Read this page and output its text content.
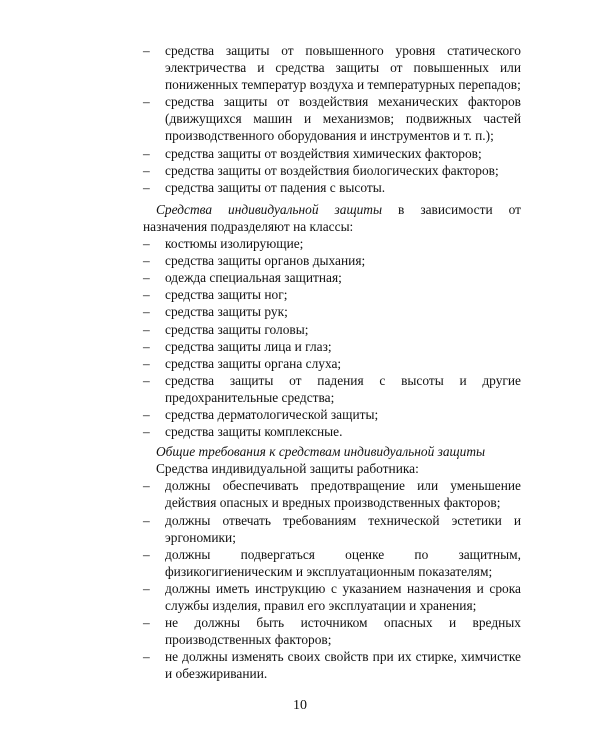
– средства защиты от повышенного уровня статического электричества и средства защиты от повышенных или пониженных температур воздуха и температурных перепадов;
– средства защиты от воздействия механических факторов (движущихся машин и механизмов; подвижных частей производственного оборудования и инструментов и т. п.);
– средства защиты от воздействия химических факторов;
– средства защиты от воздействия биологических факторов;
– средства защиты от падения с высоты.

Средства индивидуальной защиты в зависимости от назначения подразделяют на классы:

– костюмы изолирующие;
– средства защиты органов дыхания;
– одежда специальная защитная;
– средства защиты ног;
– средства защиты рук;
– средства защиты головы;
– средства защиты лица и глаз;
– средства защиты органа слуха;
– средства защиты от падения с высоты и другие предохранительные средства;
– средства дерматологической защиты;
– средства защиты комплексные.

Общие требования к средствам индивидуальной защиты

Средства индивидуальной защиты работника:

– должны обеспечивать предотвращение или уменьшение действия опасных и вредных производственных факторов;
– должны отвечать требованиям технической эстетики и эргономики;
– должны подвергаться оценке по защитным, физикогигиеническим и эксплуатационным показателям;
– должны иметь инструкцию с указанием назначения и срока службы изделия, правил его эксплуатации и хранения;
– не должны быть источником опасных и вредных производственных факторов;
– не должны изменять своих свойств при их стирке, химчистке и обезжиривании.
10
